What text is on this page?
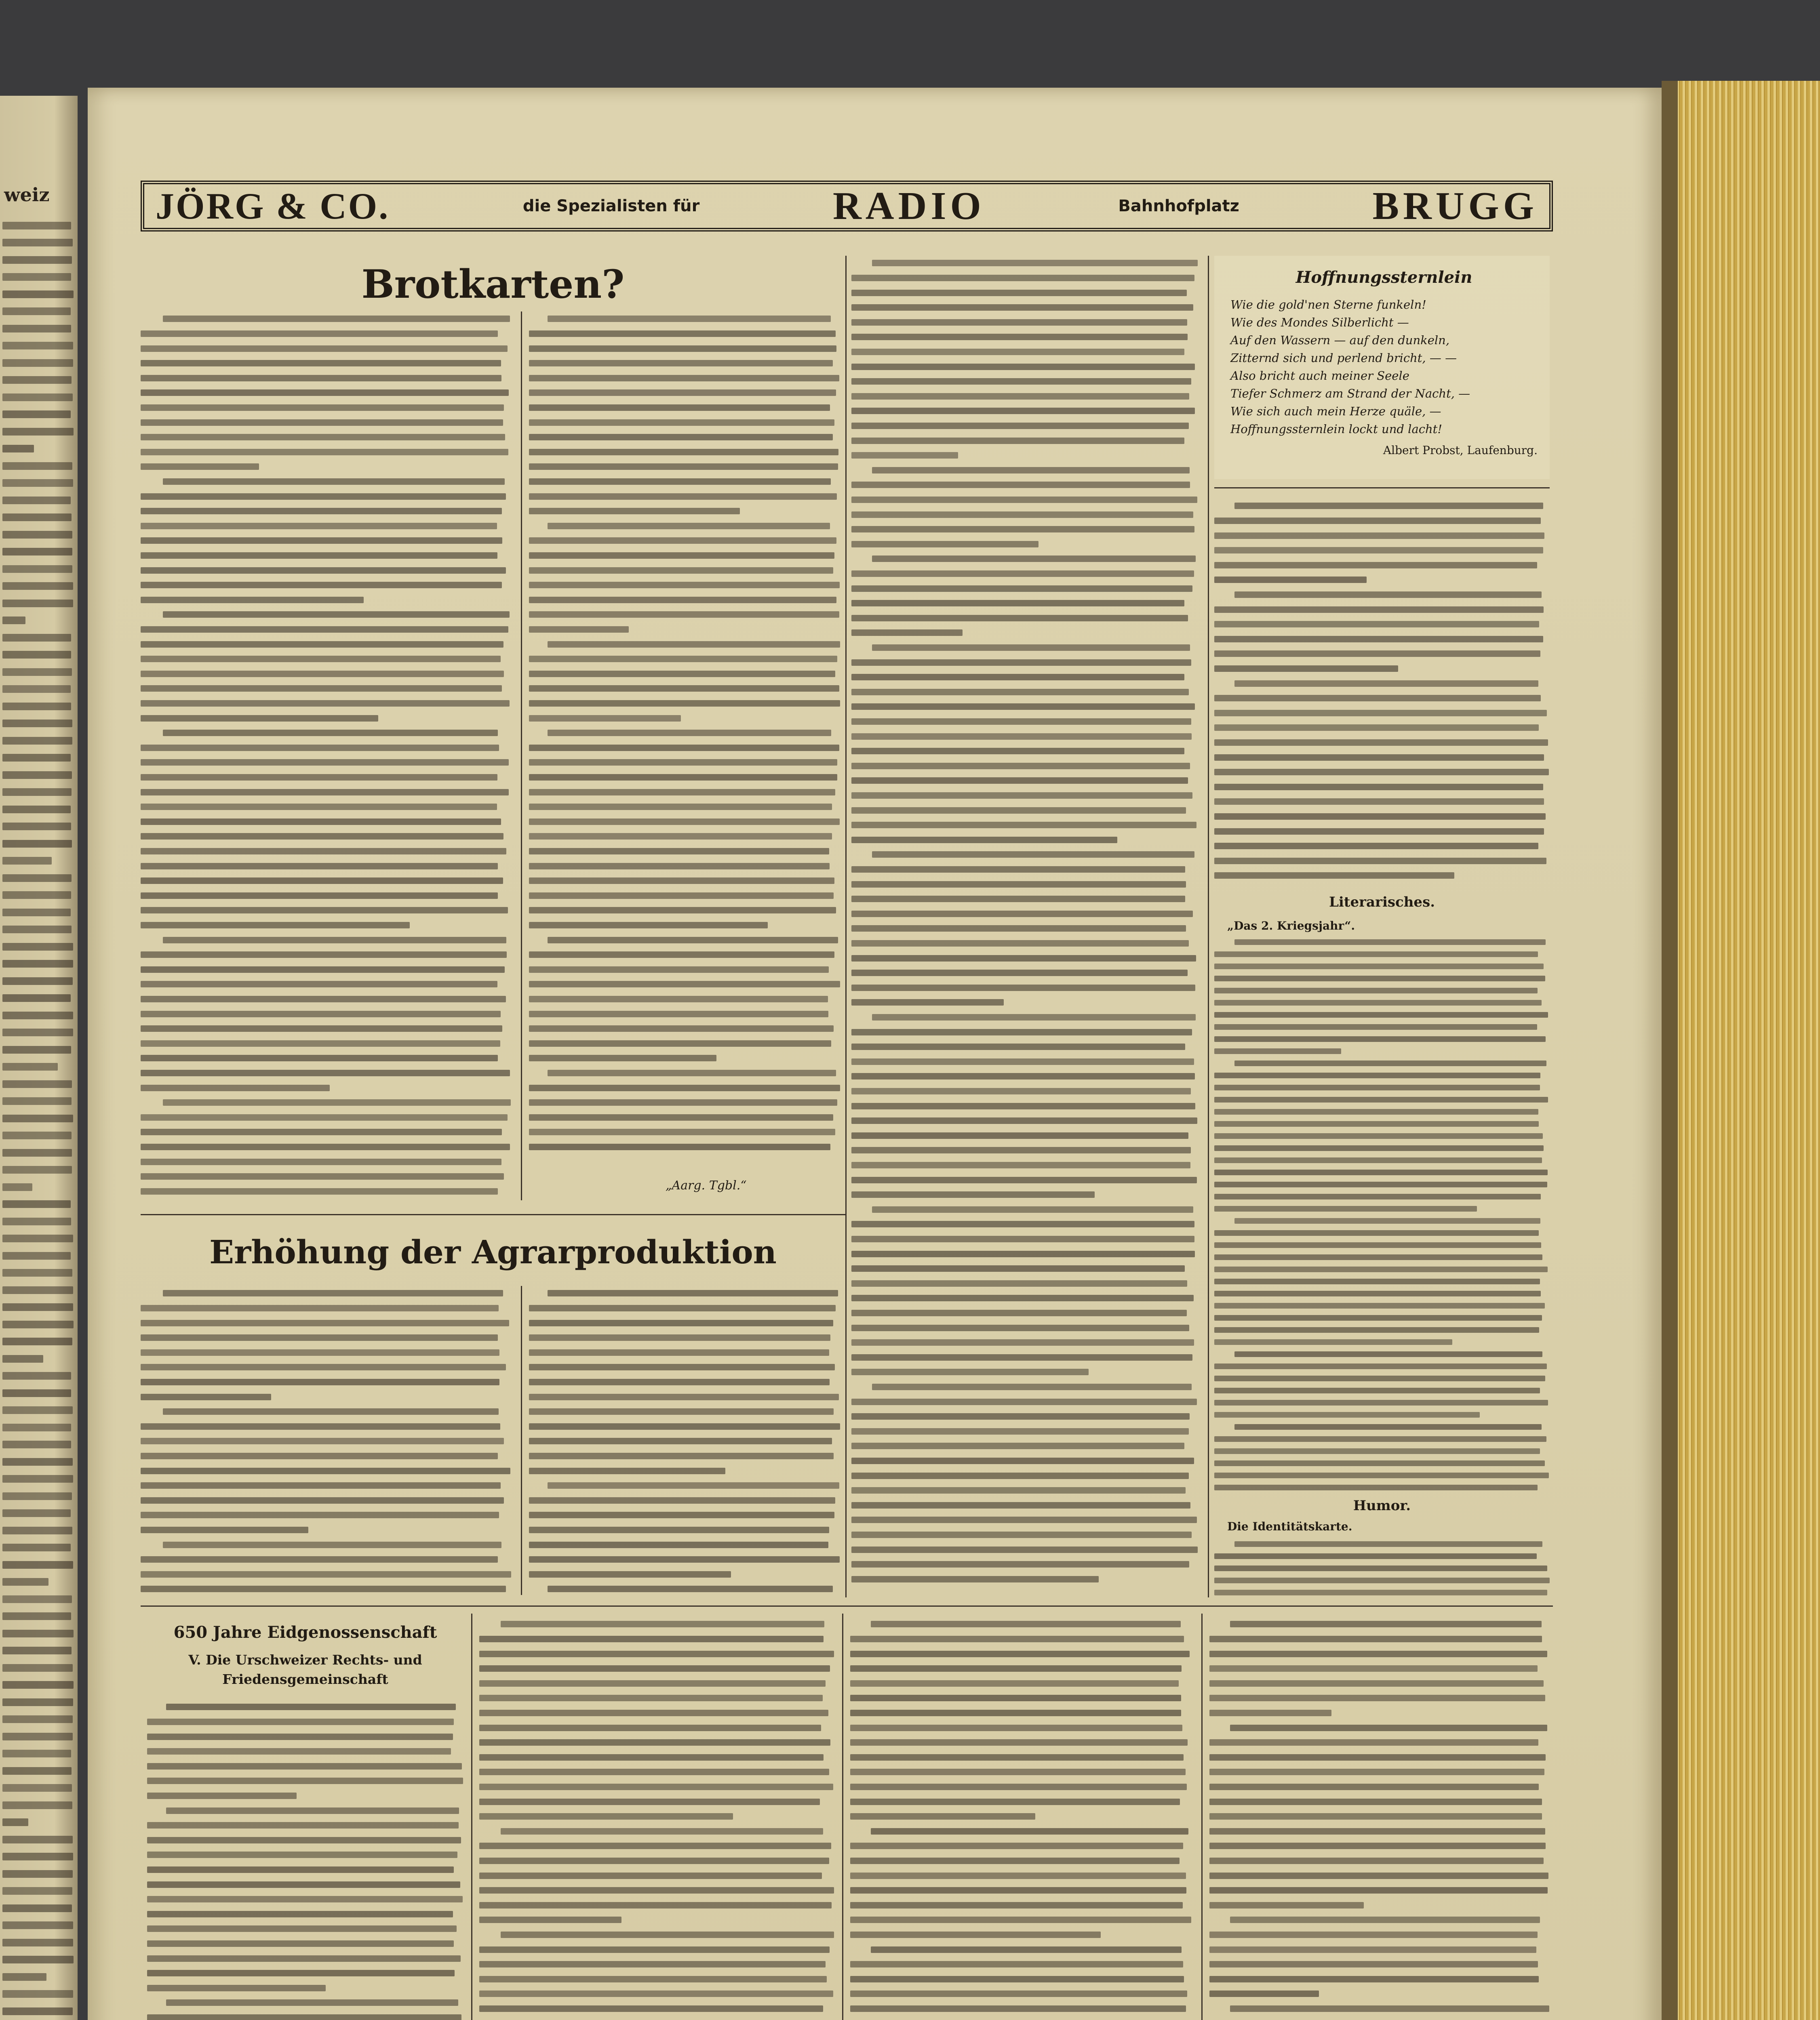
weiz	JÖRG & CO.	die Spezialisten für	RADIO	Bahnhofplatz	BRUGG
Brotkarten?
„Aarg. Tgbl.“
Hoffnungssternlein
Wie die gold'nen Sterne funkeln!
Wie des Mondes Silberlicht —
Auf den Wassern — auf den dunkeln,
Zitternd sich und perlend bricht, — —
Also bricht auch meiner Seele
Tiefer Schmerz am Strand der Nacht, —
Wie sich auch mein Herze quäle, —
Hoffnungssternlein lockt und lacht!
Albert Probst, Laufenburg.
Literarisches.
„Das 2. Kriegsjahr“.
Humor.
Die Identitätskarte.
Erhöhung der Agrarproduktion
650 Jahre Eidgenossenschaft
V. Die Urschweizer Rechts- und
Friedensgemeinschaft
